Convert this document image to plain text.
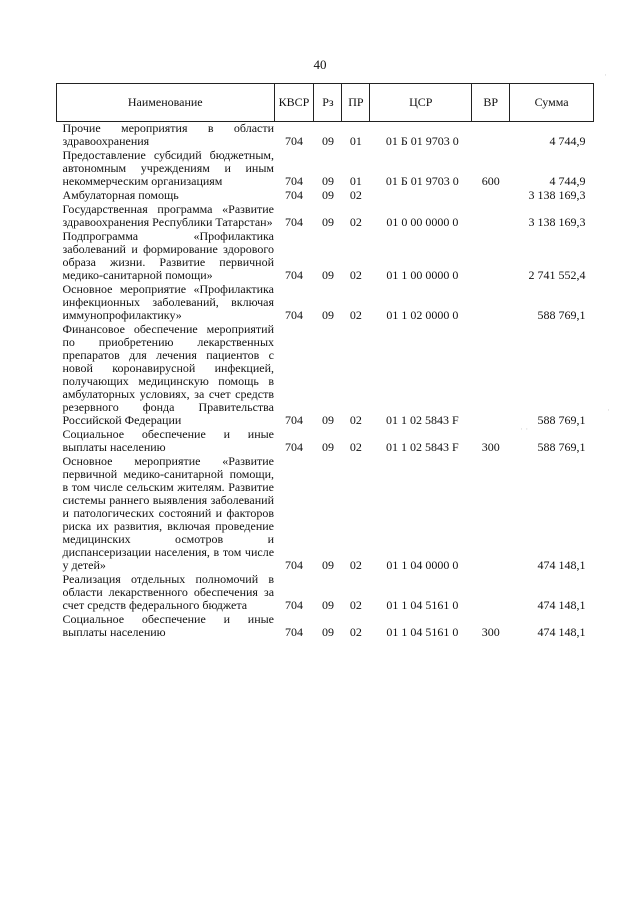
40
·
·
· ·
Наименование	КВСР	Рз	ПР	ЦСР	ВР	Сумма
Прочие мероприятия в области здравоохранения	704	09	01	01 Б 01 9703 0		4 744,9
Предоставление субсидий бюджетным, автономным учреждениям и иным некоммерческим организациям	704	09	01	01 Б 01 9703 0	600	4 744,9
Амбулаторная помощь	704	09	02			3 138 169,3
Государственная программа «Развитие здравоохранения Республики Татарстан»	704	09	02	01 0 00 0000 0		3 138 169,3
Подпрограмма «Профилактика заболеваний и формирование здорового образа жизни. Развитие первичной медико-санитарной помощи»	704	09	02	01 1 00 0000 0		2 741 552,4
Основное мероприятие «Профилактика инфекционных заболеваний, включая иммунопрофилактику»	704	09	02	01 1 02 0000 0		588 769,1
Финансовое обеспечение мероприятий по приобретению лекарственных препаратов для лечения пациентов с новой коронавирусной инфекцией, получающих медицинскую помощь в амбулаторных условиях, за счет средств резервного фонда Правительства Российской Федерации	704	09	02	01 1 02 5843 F		588 769,1
Социальное обеспечение и иные выплаты населению	704	09	02	01 1 02 5843 F	300	588 769,1
Основное мероприятие «Развитие первичной медико-санитарной помощи, в том числе сельским жителям. Развитие системы раннего выявления заболеваний и патологических состояний и факторов риска их развития, включая проведение медицинских осмотров и диспансеризации населения, в том числе у детей»	704	09	02	01 1 04 0000 0		474 148,1
Реализация отдельных полномочий в области лекарственного обеспечения за счет средств федерального бюджета	704	09	02	01 1 04 5161 0		474 148,1
Социальное обеспечение и иные выплаты населению	704	09	02	01 1 04 5161 0	300	474 148,1
